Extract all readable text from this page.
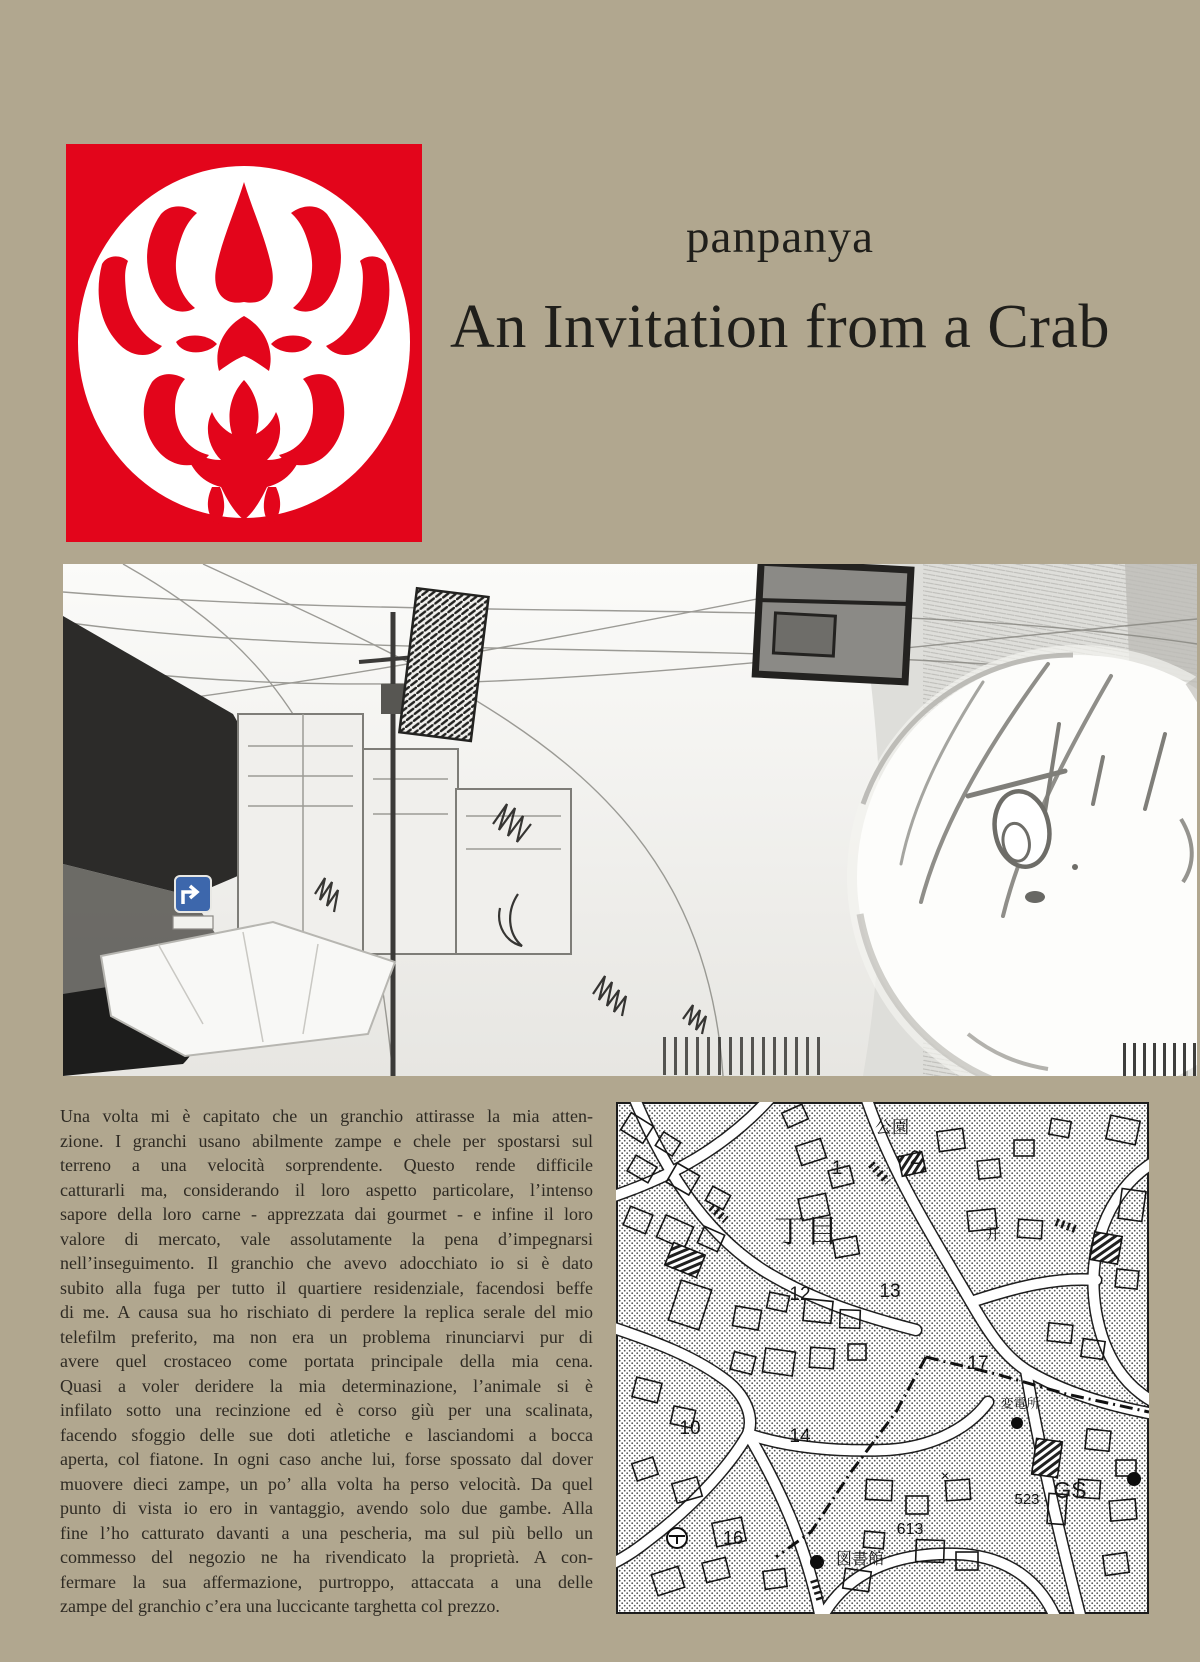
panpanya
An Invitation from a Crab
Una volta mi è capitato che un granchio attirasse la mia atten-
zione. I granchi usano abilmente zampe e chele per spostarsi sul
terreno a una velocità sorprendente. Questo rende difficile
catturarli ma, considerando il loro aspetto particolare, l’intenso
sapore della loro carne - apprezzata dai gourmet - e infine il loro
valore di mercato, vale assolutamente la pena d’impegnarsi
nell’inseguimento. Il granchio che avevo adocchiato io si è dato
subito alla fuga per tutto il quartiere residenziale, facendosi beffe
di me. A causa sua ho rischiato di perdere la replica serale del mio
telefilm preferito, ma non era un problema rinunciarvi pur di
avere quel crostaceo come portata principale della mia cena.
Quasi a voler deridere la mia determinazione, l’animale si è
infilato sotto una recinzione ed è corso giù per una scalinata,
facendo sfoggio delle sue doti atletiche e lasciandomi a bocca
aperta, col fiatone. In ogni caso anche lui, forse spossato dal dover
muovere dieci zampe, un po’ alla volta ha perso velocità. Da quel
punto di vista io ero in vantaggio, avendo solo due gambe. Alla
fine l’ho catturato davanti a una pescheria, ma sul più bello un
commesso del negozio ne ha rivendicato la proprietà. A con-
fermare la sua affermazione, purtroppo, attaccata a una delle
zampe del granchio c’era una luccicante targhetta col prezzo.
公園
2
1
丁目
12	13
17
変電所
10	14
×
GS
523
613
16
図書館
开
